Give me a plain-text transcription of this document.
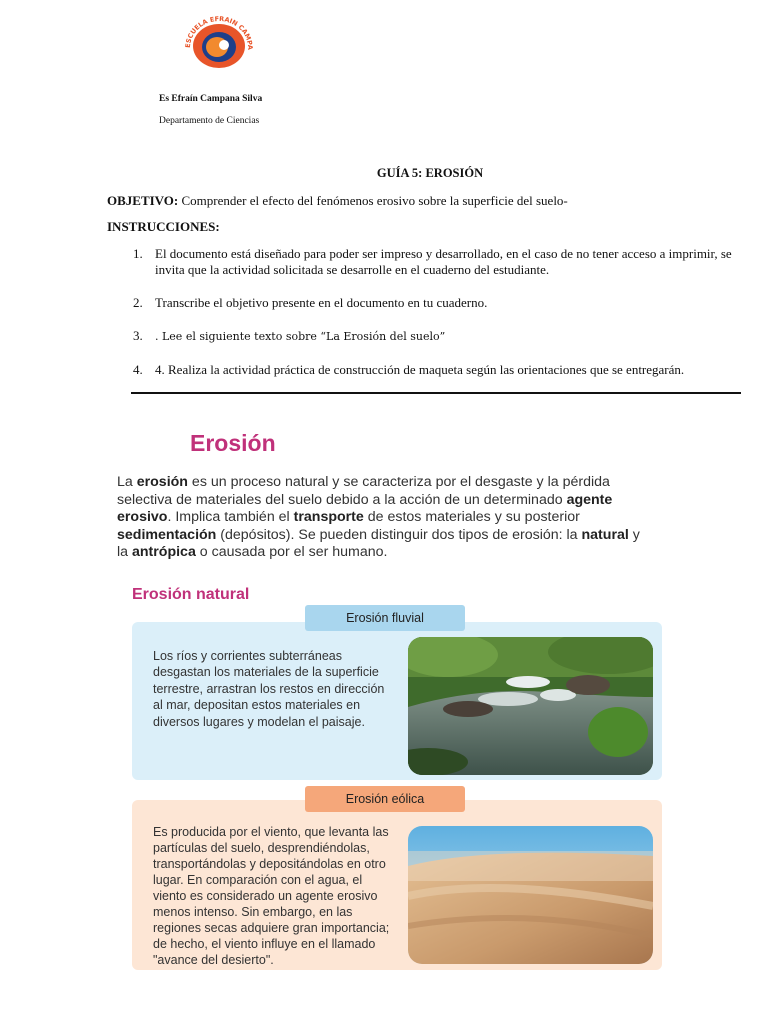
ESCUELA EFRAIN CAMPA
Es Efraín Campana Silva
Departamento de Ciencias
GUÍA 5: EROSIÓN
OBJETIVO: Comprender el efecto del fenómenos erosivo sobre la superficie del suelo-
INSTRUCCIONES:
1. El documento está diseñado para poder ser impreso y desarrollado, en el caso de no tener acceso a imprimir, se invita que la actividad solicitada se desarrolle en el cuaderno del estudiante.
2. Transcribe el objetivo presente en el documento en tu cuaderno.
3. . Lee el siguiente texto sobre “La Erosión del suelo”
4. 4. Realiza la actividad práctica de construcción de maqueta según las orientaciones que se entregarán.
Erosión
La erosión es un proceso natural y se caracteriza por el desgaste y la pérdida selectiva de materiales del suelo debido a la acción de un determinado agente erosivo. Implica también el transporte de estos materiales y su posterior sedimentación (depósitos). Se pueden distinguir dos tipos de erosión: la natural y la antrópica o causada por el ser humano.
Erosión natural
Erosión fluvial
Los ríos y corrientes subterráneas desgastan los materiales de la superficie terrestre, arrastran los restos en dirección al mar, depositan estos materiales en diversos lugares y modelan el paisaje.
Erosión eólica
Es producida por el viento, que levanta las partículas del suelo, desprendiéndolas, transportándolas y depositándolas en otro lugar. En comparación con el agua, el viento es considerado un agente erosivo menos intenso. Sin embargo, en las regiones secas adquiere gran importancia; de hecho, el viento influye en el llamado "avance del desierto".
